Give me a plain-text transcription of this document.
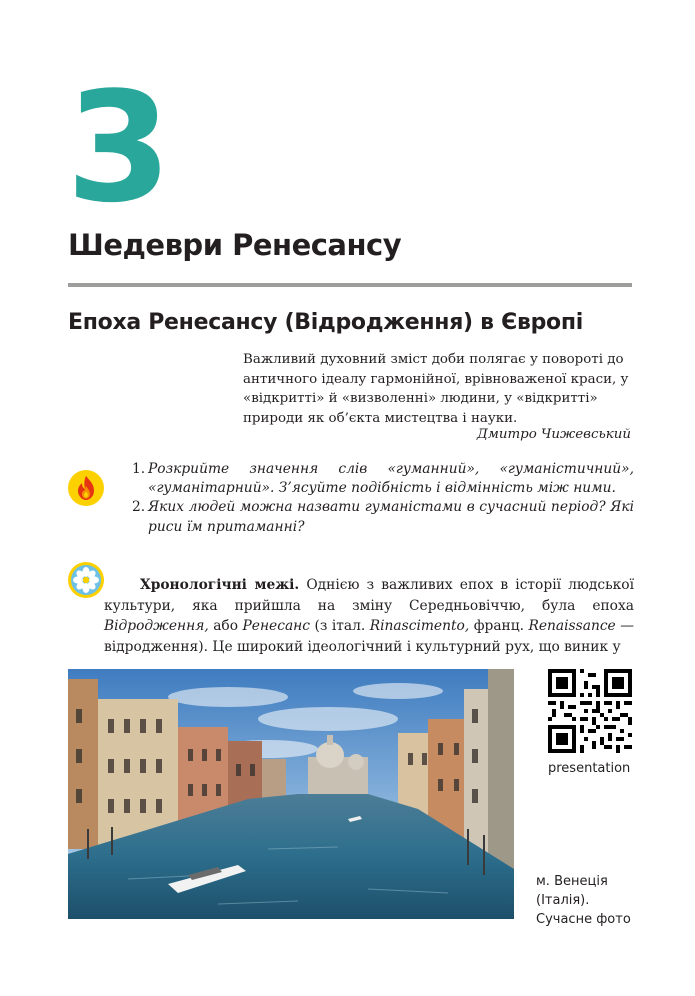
3
Шедеври Ренесансу
Епоха Ренесансу (Відродження) в Європі
Важливий духовний зміст доби полягає у повороті до античного ідеалу гармонійної, врівноваженої краси, у «відкритті» й «визволенні» людини, у «відкритті» природи як об’єкта мистецтва і науки.
Дмитро Чижевський
1. Розкрийте значення слів «гуманний», «гуманістичний», «гуманітарний». З’ясуйте подібність і відмінність між ними.
2. Яких людей можна назвати гуманістами в сучасний період? Які риси їм притаманні?
Хронологічні межі. Однією з важливих епох в історії людської культури, яка прийшла на зміну Середньовіччю, була епоха Відродження, або Ренесанс (з італ. Rinascimento, франц. Renaissance — відродження). Це широкий ідеологічний і культурний рух, що виник у
presentation
м. Венеція
(Італія).
Сучасне фото
